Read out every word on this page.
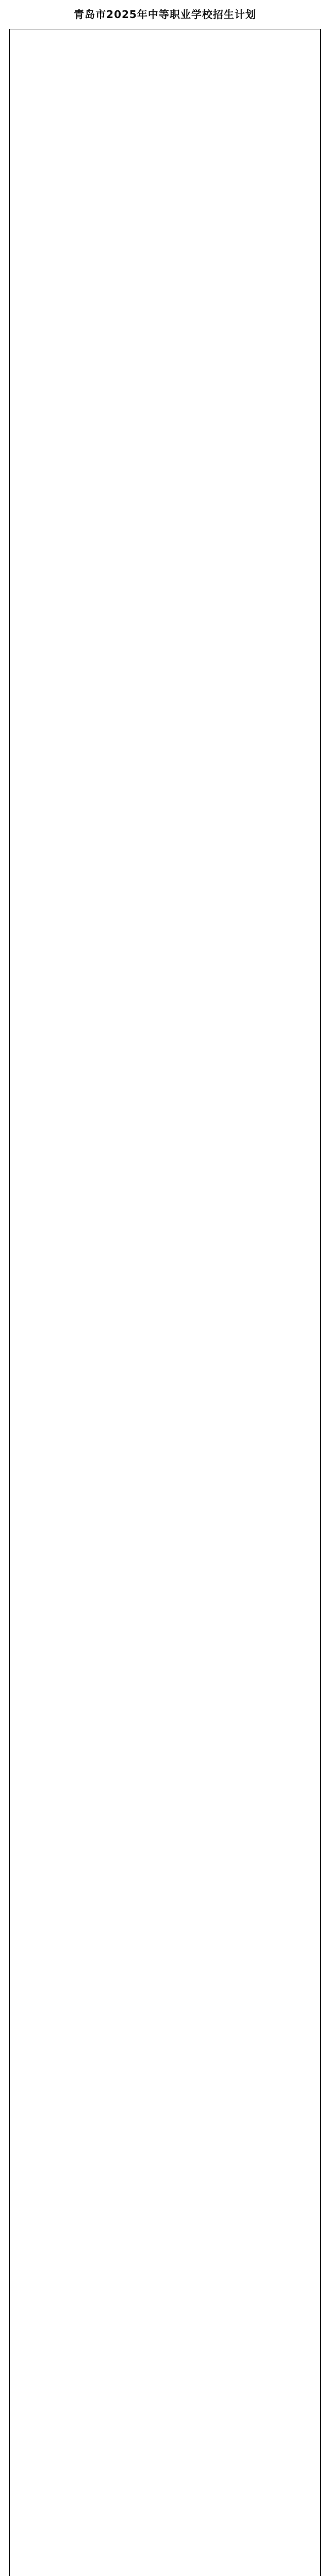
青岛市2025年中等职业学校招生计划
